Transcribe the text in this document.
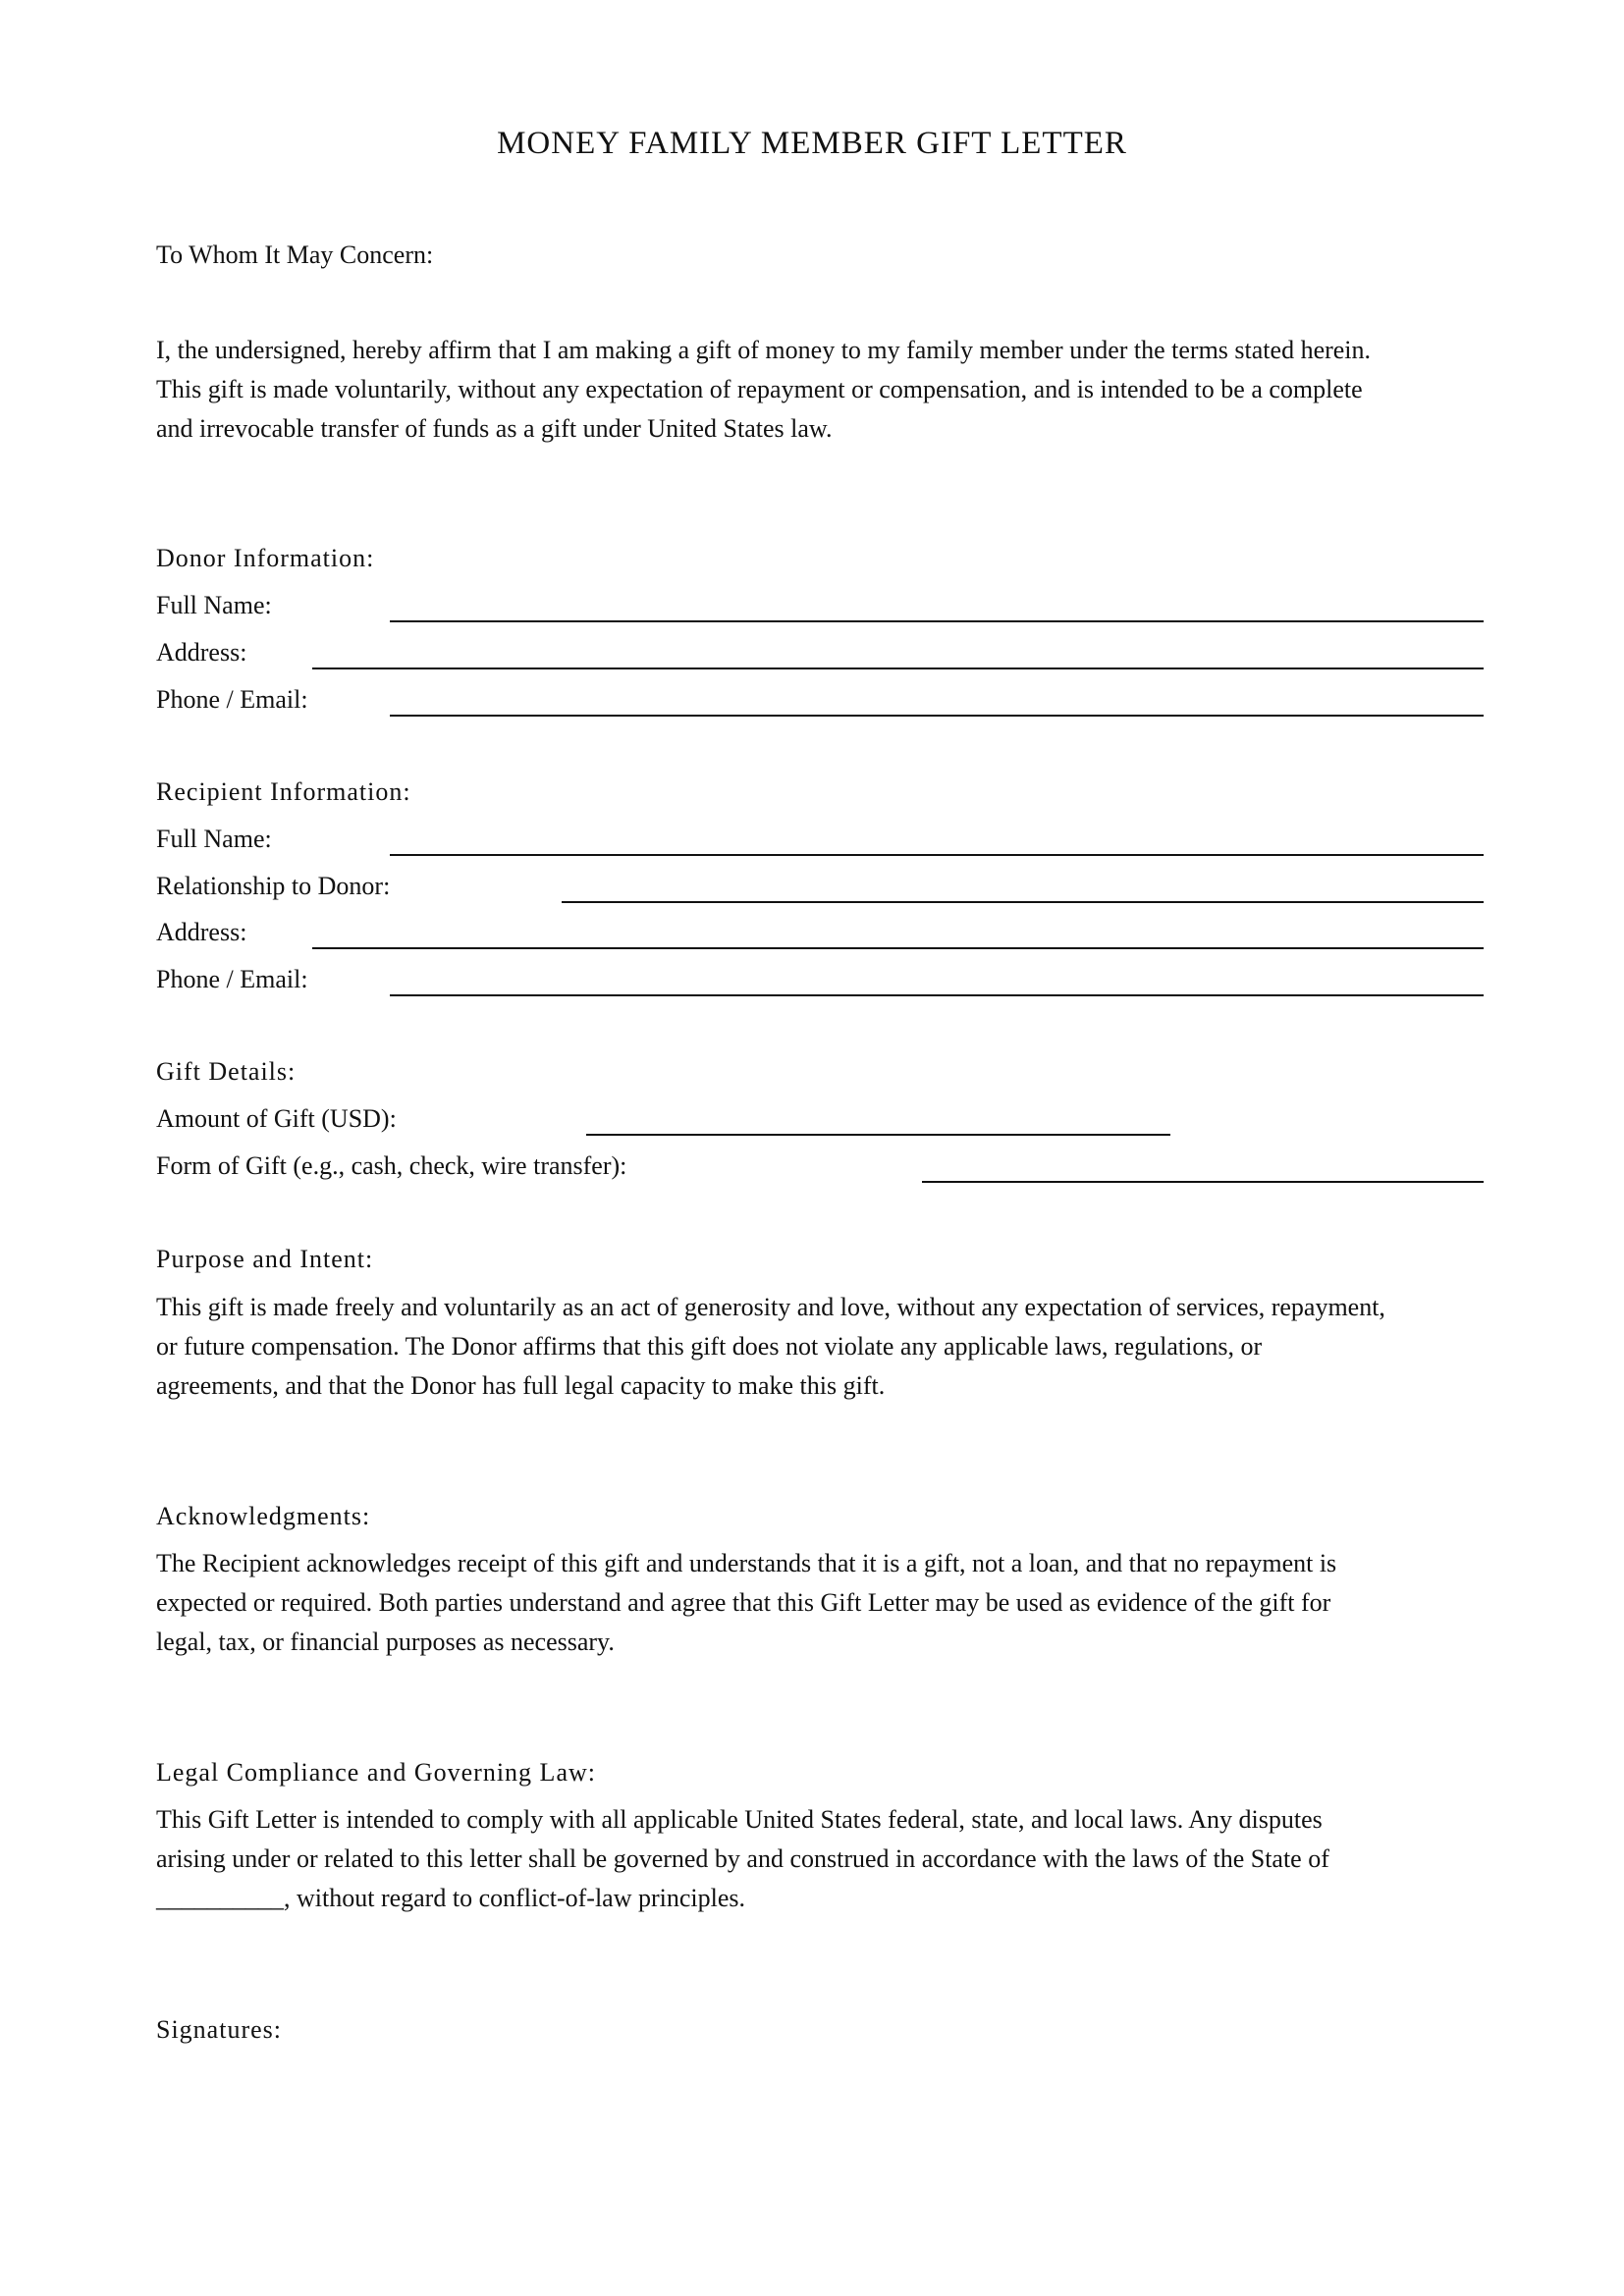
MONEY FAMILY MEMBER GIFT LETTER
To Whom It May Concern:

I, the undersigned, hereby affirm that I am making a gift of money to my family member under the terms stated herein.

This gift is made voluntarily, without any expectation of repayment or compensation, and is intended to be a complete

and irrevocable transfer of funds as a gift under United States law.

Donor Information:
Full Name:
Address:
Phone / Email:
Recipient Information:
Full Name:
Relationship to Donor:
Address:
Phone / Email:
Gift Details:
Amount of Gift (USD):
Form of Gift (e.g., cash, check, wire transfer):
Purpose and Intent:

This gift is made freely and voluntarily as an act of generosity and love, without any expectation of services, repayment,

or future compensation. The Donor affirms that this gift does not violate any applicable laws, regulations, or

agreements, and that the Donor has full legal capacity to make this gift.

Acknowledgments:

The Recipient acknowledges receipt of this gift and understands that it is a gift, not a loan, and that no repayment is

expected or required. Both parties understand and agree that this Gift Letter may be used as evidence of the gift for

legal, tax, or financial purposes as necessary.

Legal Compliance and Governing Law:

This Gift Letter is intended to comply with all applicable United States federal, state, and local laws. Any disputes

arising under or related to this letter shall be governed by and construed in accordance with the laws of the State of

__________, without regard to conflict-of-law principles.

Signatures:
